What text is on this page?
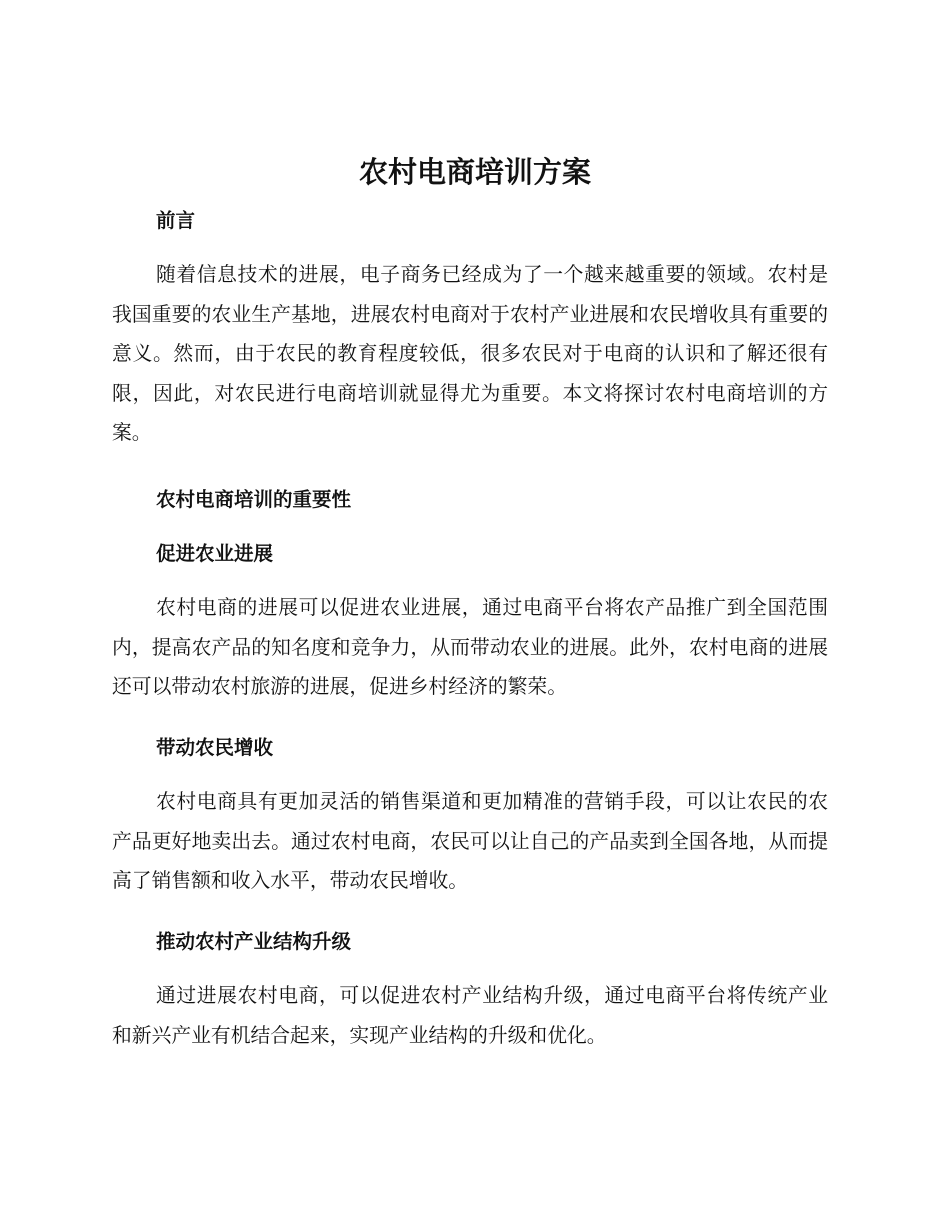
农村电商培训方案
前言

随着信息技术的进展，电子商务已经成为了一个越来越重要的领域。农村是我国重要的农业生产基地，进展农村电商对于农村产业进展和农民增收具有重要的意义。然而，由于农民的教育程度较低，很多农民对于电商的认识和了解还很有限，因此，对农民进行电商培训就显得尤为重要。本文将探讨农村电商培训的方案。

农村电商培训的重要性
促进农业进展

农村电商的进展可以促进农业进展，通过电商平台将农产品推广到全国范围内，提高农产品的知名度和竞争力，从而带动农业的进展。此外，农村电商的进展还可以带动农村旅游的进展，促进乡村经济的繁荣。

带动农民增收

农村电商具有更加灵活的销售渠道和更加精准的营销手段，可以让农民的农产品更好地卖出去。通过农村电商，农民可以让自己的产品卖到全国各地，从而提高了销售额和收入水平，带动农民增收。

推动农村产业结构升级

通过进展农村电商，可以促进农村产业结构升级，通过电商平台将传统产业和新兴产业有机结合起来，实现产业结构的升级和优化。
